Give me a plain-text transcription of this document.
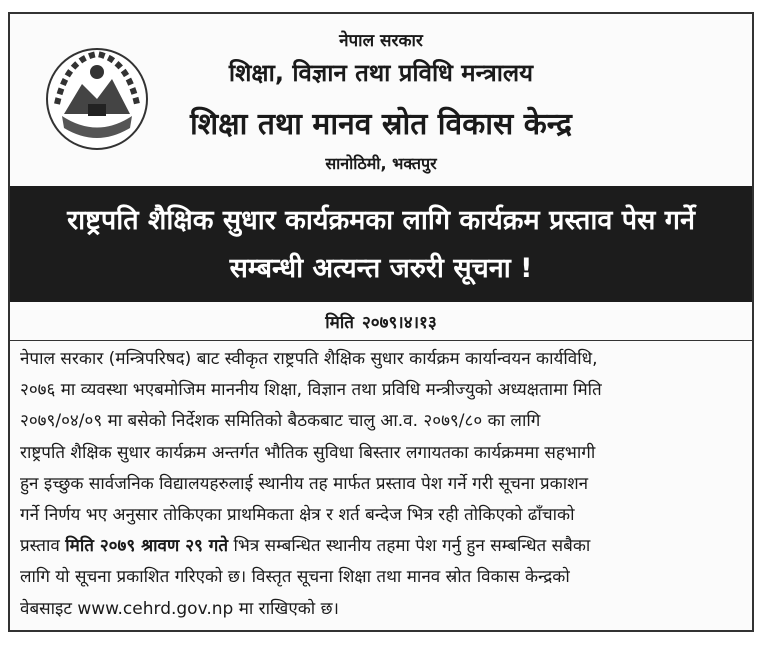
नेपाल सरकार
शिक्षा, विज्ञान तथा प्रविधि मन्त्रालय
शिक्षा तथा मानव स्रोत विकास केन्द्र
सानोठिमी, भक्तपुर
राष्ट्रपति शैक्षिक सुधार कार्यक्रमका लागि कार्यक्रम प्रस्ताव पेस गर्ने
सम्बन्धी अत्यन्त जरुरी सूचना !
मिति २०७९।४।१३
नेपाल सरकार (मन्त्रिपरिषद) बाट स्वीकृत राष्ट्रपति शैक्षिक सुधार कार्यक्रम कार्यान्वयन कार्यविधि,
२०७६ मा व्यवस्था भएबमोजिम माननीय शिक्षा, विज्ञान तथा प्रविधि मन्त्रीज्युको अध्यक्षतामा मिति
२०७९/०४/०९ मा बसेको निर्देशक समितिको बैठकबाट चालु आ.व. २०७९/८० का लागि
राष्ट्रपति शैक्षिक सुधार कार्यक्रम अन्तर्गत भौतिक सुविधा बिस्तार लगायतका कार्यक्रममा सहभागी
हुन इच्छुक सार्वजनिक विद्यालयहरुलाई स्थानीय तह मार्फत प्रस्ताव पेश गर्ने गरी सूचना प्रकाशन
गर्ने निर्णय भए अनुसार तोकिएका प्राथमिकता क्षेत्र र शर्त बन्देज भित्र रही तोकिएको ढाँचाको
प्रस्ताव मिति २०७९ श्रावण २९ गते भित्र सम्बन्धित स्थानीय तहमा पेश गर्नु हुन सम्बन्धित सबैका
लागि यो सूचना प्रकाशित गरिएको छ। विस्तृत सूचना शिक्षा तथा मानव स्रोत विकास केन्द्रको
वेबसाइट www.cehrd.gov.np मा राखिएको छ।
